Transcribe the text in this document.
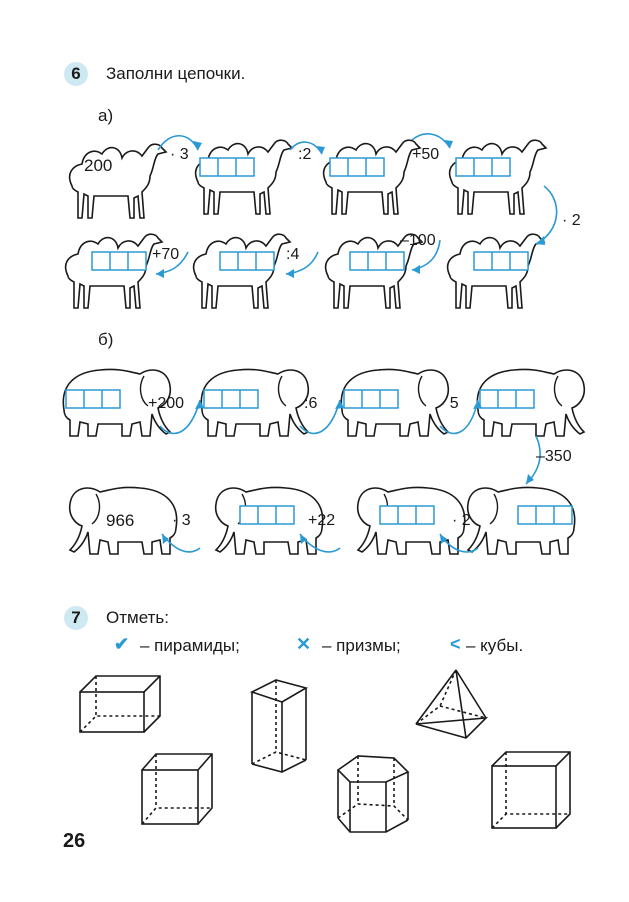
6	Заполни цепочки.
а)
200
· 3	:2	+50
· 2
–100
:4
+70
б)
+200	:6	· 5
–350
· 2
+22
· 3
966
7	Отметь:
✔ – пирамиды;	✕ – призмы;	< – кубы.
26
